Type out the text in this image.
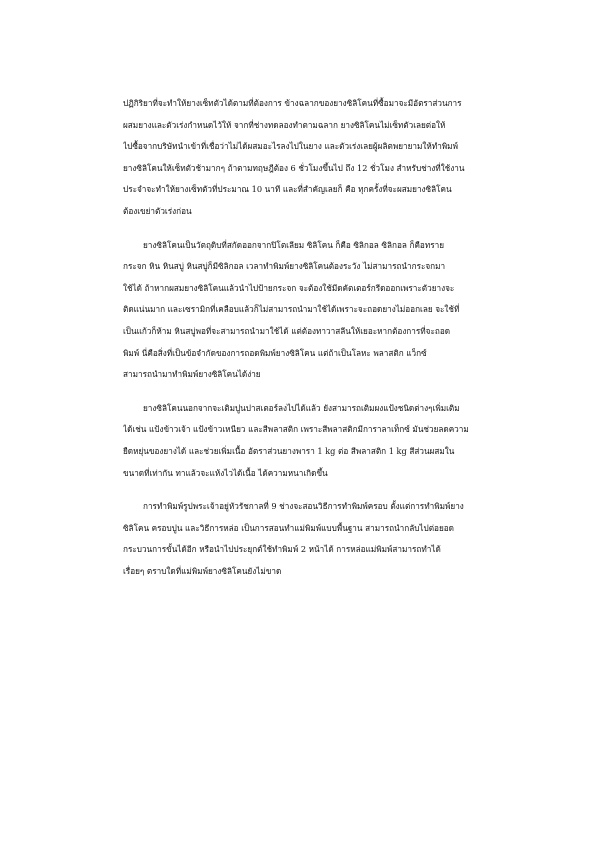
ปฏิกิริยาที่จะทำให้ยางเซ็ทตัวได้ตามที่ต้องการ ข้างฉลากของยางซิลิโคนที่ซื้อมาจะมีอัตราส่วนการ
ผสมยางและตัวเร่งกำหนดไว้ให้ จากที่ช่างทดลองทำตามฉลาก ยางซิลิโคนไม่เซ็ทตัวเลยต่อให้
ไปซื้อจากบริษัทนำเข้าที่เชื่อว่าไม่ได้ผสมอะไรลงไปในยาง และตัวเร่งเลยผู้ผลิตพยายามให้ทำพิมพ์
ยางซิลิโคนให้เซ็ทตัวช้ามากๆ ถ้าตามทฤษฎีต้อง 6 ชั่วโมงขึ้นไป ถึง 12 ชั่วโมง สำหรับช่างที่ใช้งาน
ประจำจะทำให้ยางเซ็ทตัวที่ประมาณ 10 นาที และที่สำคัญเลยก็ คือ ทุกครั้งที่จะผสมยางซิลิโคน
ต้องเขย่าตัวเร่งก่อน
ยางซิลิโคนเป็นวัตถุดิบที่สกัดออกจากปิโตเลียม ซิลิโคน ก็คือ ซิลิกอล ซิลิกอล ก็คือทราย
กระจก หิน หินสบู่ หินสบู่ก็มีซิลิกอล เวลาทำพิมพ์ยางซิลิโคนต้องระวัง ไม่สามารถนำกระจกมา
ใช้ได้ ถ้าหากผสมยางซิลิโคนแล้วนำไปป้ายกระจก จะต้องใช้มีดคัตเตอร์กรีดออกเพราะตัวยางจะ
ติดแน่นมาก และเซรามิกที่เคลือบแล้วก็ไม่สามารถนำมาใช้ได้เพราะจะถอดยางไม่ออกเลย จะใช้ที่
เป็นแก้วก็ห้าม หินสบู่พอที่จะสามารถนำมาใช้ได้ แต่ต้องทาวาสลีนให้เยอะหากต้องการที่จะถอด
พิมพ์ นี่คือสิ่งที่เป็นข้อจำกัดของการถอดพิมพ์ยางซิลิโคน แต่ถ้าเป็นโลหะ พลาสติก แว็กซ์
สามารถนำมาทำพิมพ์ยางซิลิโคนได้ง่าย
ยางซิลิโคนนอกจากจะเติมปูนปาสเตอร์ลงไปได้แล้ว ยังสามารถเติมผงแป้งชนิดต่างๆเพิ่มเติม
ได้เช่น แป้งข้าวเจ้า แป้งข้าวเหนียว และสีพลาสติก เพราะสีพลาสติกมีการาลาเท็กซ์ มันช่วยลดความ
ยืดหยุ่นของยางได้ และช่วยเพิ่มเนื้อ อัตราส่วนยางพารา 1 kg ต่อ สีพลาสติก 1 kg สีส่วนผสมใน
ขนาดที่เท่ากัน ทาแล้วจะแห้งไวได้เนื้อ ได้ความหนาเกิดขึ้น
การทำพิมพ์รูปพระเจ้าอยู่หัวรัชกาลที่ 9 ช่างจะสอนวิธีการทำพิมพ์ครอบ ตั้งแต่การทำพิมพ์ยาง
ซิลิโคน ครอบปูน และวิธีการหล่อ เป็นการสอนทำแม่พิมพ์แบบพื้นฐาน สามารถนำกลับไปต่อยอด
กระบวนการขั้นได้อีก หรือนำไปประยุกต์ใช้ทำพิมพ์ 2 หน้าได้ การหล่อแม่พิมพ์สามารถทำได้
เรื่อยๆ ตราบใดที่แม่พิมพ์ยางซิลิโคนยังไม่ขาด
